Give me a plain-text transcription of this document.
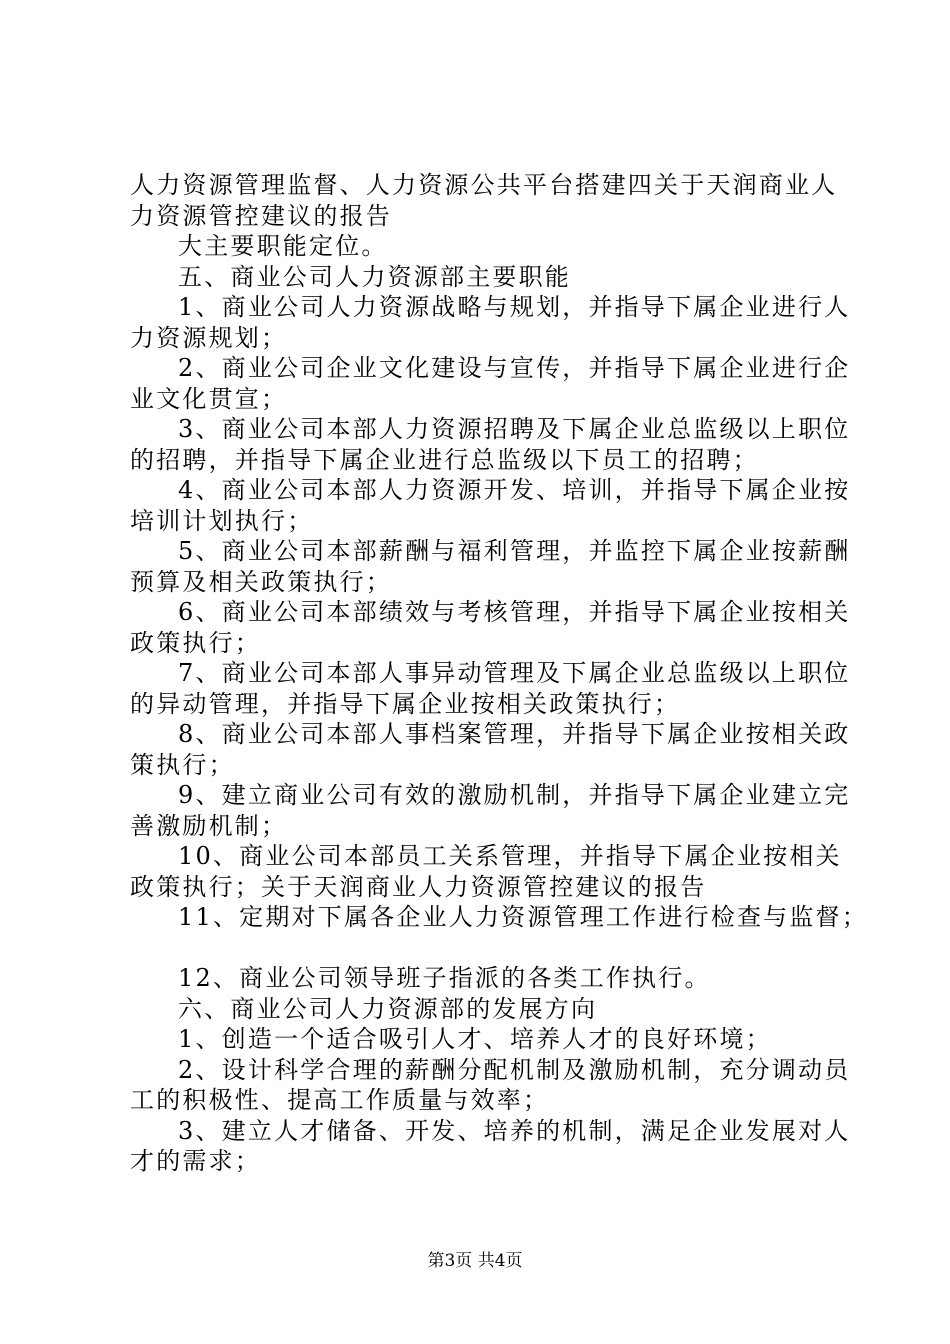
人力资源管理监督、人力资源公共平台搭建四关于天润商业人

力资源管控建议的报告

大主要职能定位。

五、商业公司人力资源部主要职能

1、商业公司人力资源战略与规划，并指导下属企业进行人

力资源规划；

2、商业公司企业文化建设与宣传，并指导下属企业进行企

业文化贯宣；

3、商业公司本部人力资源招聘及下属企业总监级以上职位

的招聘，并指导下属企业进行总监级以下员工的招聘；

4、商业公司本部人力资源开发、培训，并指导下属企业按

培训计划执行；

5、商业公司本部薪酬与福利管理，并监控下属企业按薪酬

预算及相关政策执行；

6、商业公司本部绩效与考核管理，并指导下属企业按相关

政策执行；

7、商业公司本部人事异动管理及下属企业总监级以上职位

的异动管理，并指导下属企业按相关政策执行；

8、商业公司本部人事档案管理，并指导下属企业按相关政

策执行；

9、建立商业公司有效的激励机制，并指导下属企业建立完

善激励机制；

10、商业公司本部员工关系管理，并指导下属企业按相关

政策执行；关于天润商业人力资源管控建议的报告

11、定期对下属各企业人力资源管理工作进行检查与监督；

12、商业公司领导班子指派的各类工作执行。

六、商业公司人力资源部的发展方向

1、创造一个适合吸引人才、培养人才的良好环境；

2、设计科学合理的薪酬分配机制及激励机制，充分调动员

工的积极性、提高工作质量与效率；

3、建立人才储备、开发、培养的机制，满足企业发展对人

才的需求；

第3页 共4页
